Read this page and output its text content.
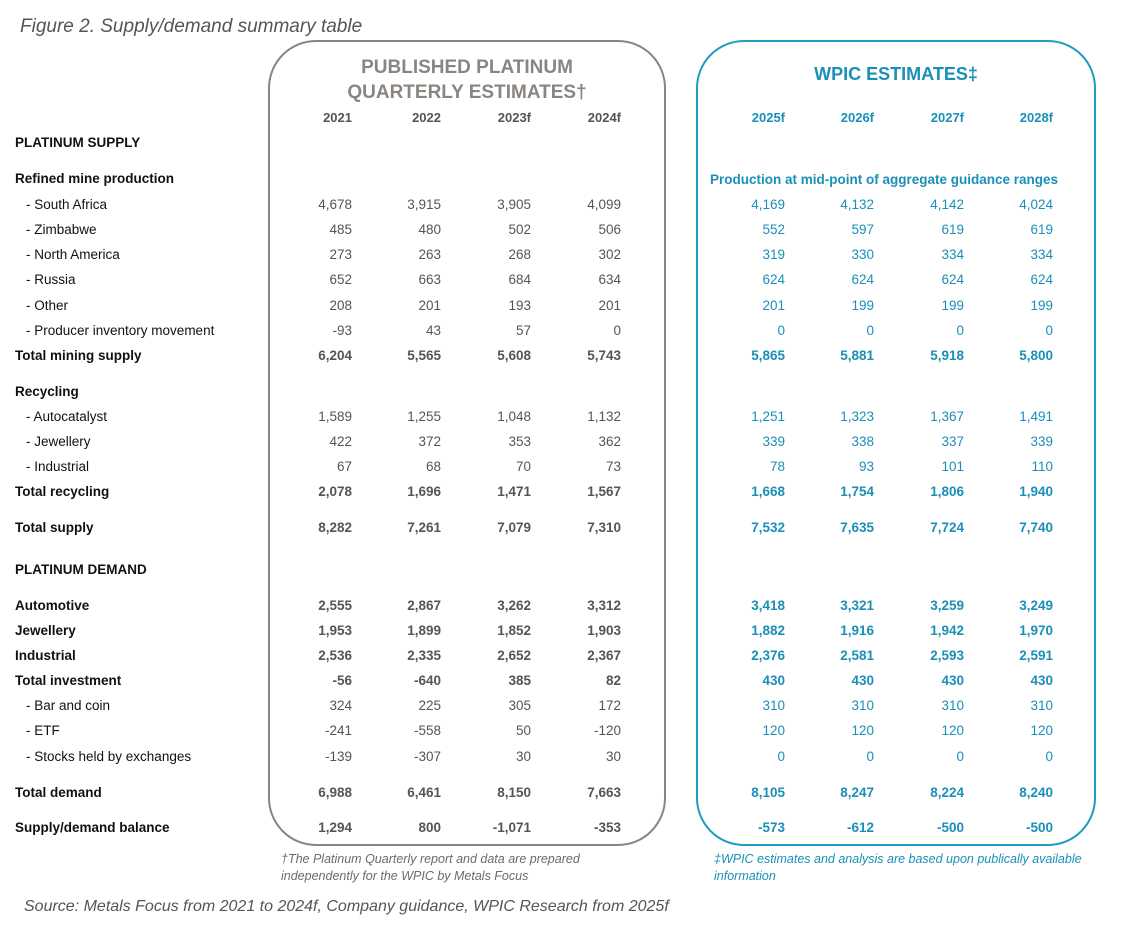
Figure 2. Supply/demand summary table
PUBLISHED PLATINUM QUARTERLY ESTIMATES†
WPIC ESTIMATES‡
2021	2022	2023f	2024f	2025f	2026f	2027f	2028f
Production at mid-point of aggregate guidance ranges
PLATINUM SUPPLY
Refined mine production
- South Africa	4,678	3,915	3,905	4,099	4,169	4,132	4,142	4,024
- Zimbabwe	485	480	502	506	552	597	619	619
- North America	273	263	268	302	319	330	334	334
- Russia	652	663	684	634	624	624	624	624
- Other	208	201	193	201	201	199	199	199
- Producer inventory movement	-93	43	57	0	0	0	0	0
Total mining supply	6,204	5,565	5,608	5,743	5,865	5,881	5,918	5,800
Recycling
- Autocatalyst	1,589	1,255	1,048	1,132	1,251	1,323	1,367	1,491
- Jewellery	422	372	353	362	339	338	337	339
- Industrial	67	68	70	73	78	93	101	110
Total recycling	2,078	1,696	1,471	1,567	1,668	1,754	1,806	1,940
Total supply	8,282	7,261	7,079	7,310	7,532	7,635	7,724	7,740
PLATINUM DEMAND
Automotive	2,555	2,867	3,262	3,312	3,418	3,321	3,259	3,249
Jewellery	1,953	1,899	1,852	1,903	1,882	1,916	1,942	1,970
Industrial	2,536	2,335	2,652	2,367	2,376	2,581	2,593	2,591
Total investment	-56	-640	385	82	430	430	430	430
- Bar and coin	324	225	305	172	310	310	310	310
- ETF	-241	-558	50	-120	120	120	120	120
- Stocks held by exchanges	-139	-307	30	30	0	0	0	0
Total demand	6,988	6,461	8,150	7,663	8,105	8,247	8,224	8,240
Supply/demand balance	1,294	800	-1,071	-353	-573	-612	-500	-500
†The Platinum Quarterly report and data are prepared independently for the WPIC by Metals Focus
‡WPIC estimates and analysis are based upon publically available information
Source: Metals Focus from 2021 to 2024f, Company guidance, WPIC Research from 2025f
